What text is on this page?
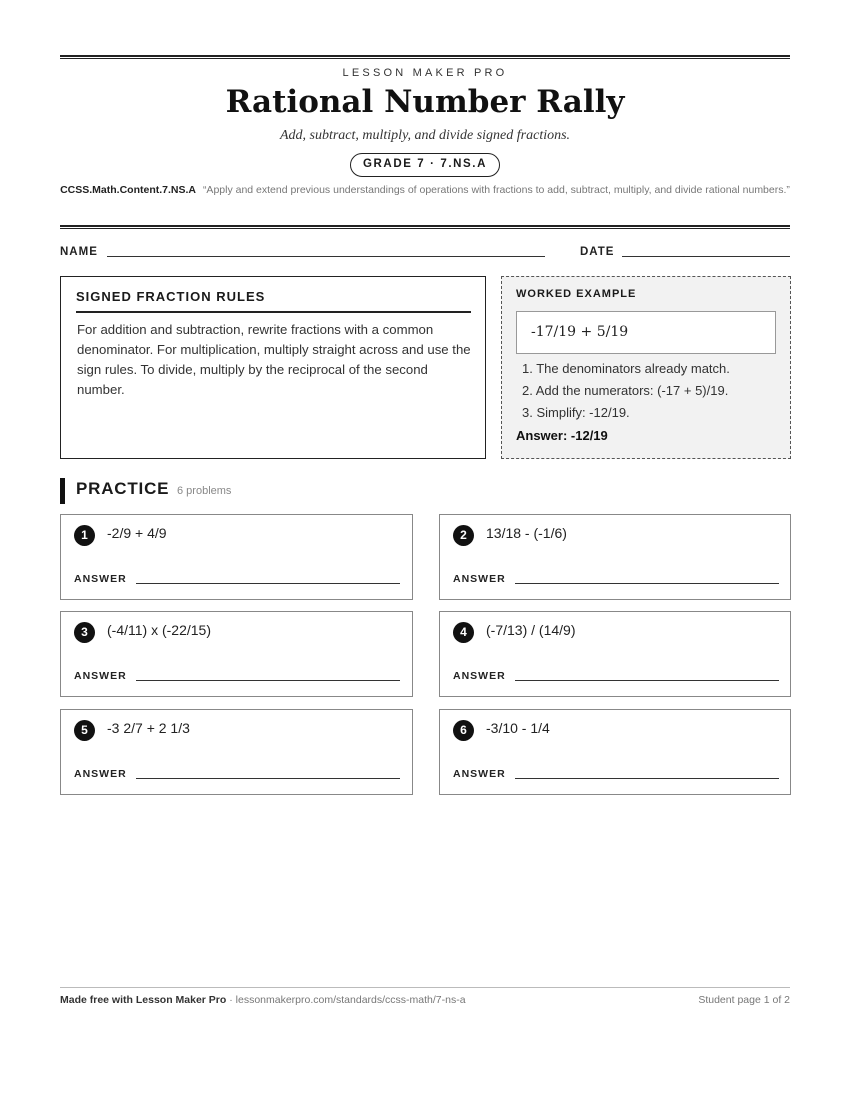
LESSON MAKER PRO
Rational Number Rally
Add, subtract, multiply, and divide signed fractions.
GRADE 7 · 7.NS.A
CCSS.Math.Content.7.NS.A “Apply and extend previous understandings of operations with fractions to add, subtract, multiply, and divide rational numbers.”
NAME	DATE
SIGNED FRACTION RULES
For addition and subtraction, rewrite fractions with a common denominator. For multiplication, multiply straight across and use the sign rules. To divide, multiply by the reciprocal of the second number.
WORKED EXAMPLE
-17/19 + 5/19
1. The denominators already match.
2. Add the numerators: (-17 + 5)/19.
3. Simplify: -12/19.
Answer: -12/19
PRACTICE 6 problems
1	-2/9 + 4/9
ANSWER
2	13/18 - (-1/6)
ANSWER
3	(-4/11) x (-22/15)
ANSWER
4	(-7/13) / (14/9)
ANSWER
5	-3 2/7 + 2 1/3
ANSWER
6	-3/10 - 1/4
ANSWER
Made free with Lesson Maker Pro · lessonmakerpro.com/standards/ccss-math/7-ns-a	Student page 1 of 2
